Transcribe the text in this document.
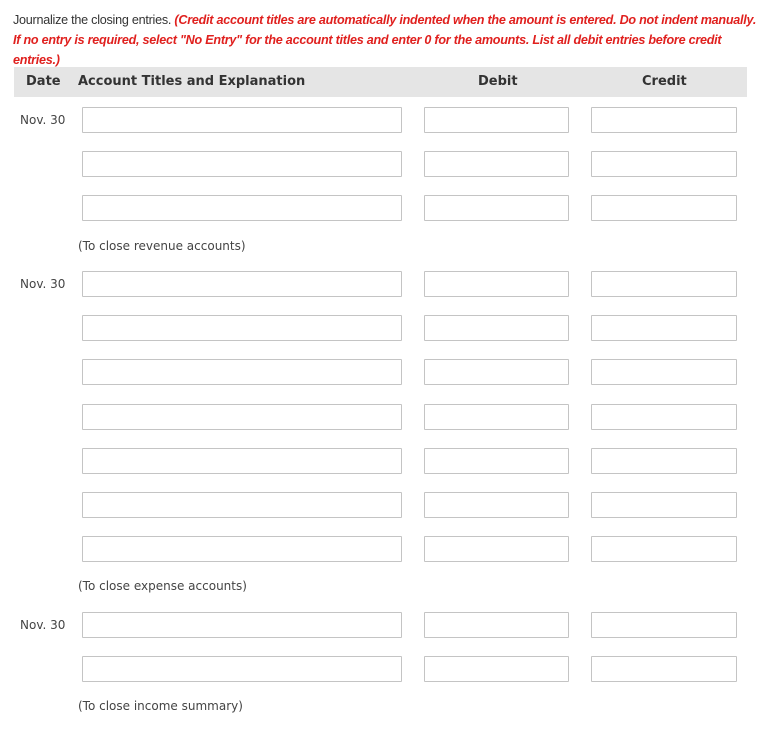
Journalize the closing entries. (Credit account titles are automatically indented when the amount is entered. Do not indent manually. If no entry is required, select "No Entry" for the account titles and enter 0 for the amounts. List all debit entries before credit entries.)
Date Account Titles and Explanation	Debit	Credit
Nov. 30
(To close revenue accounts)
Nov. 30
(To close expense accounts)
Nov. 30
(To close income summary)
